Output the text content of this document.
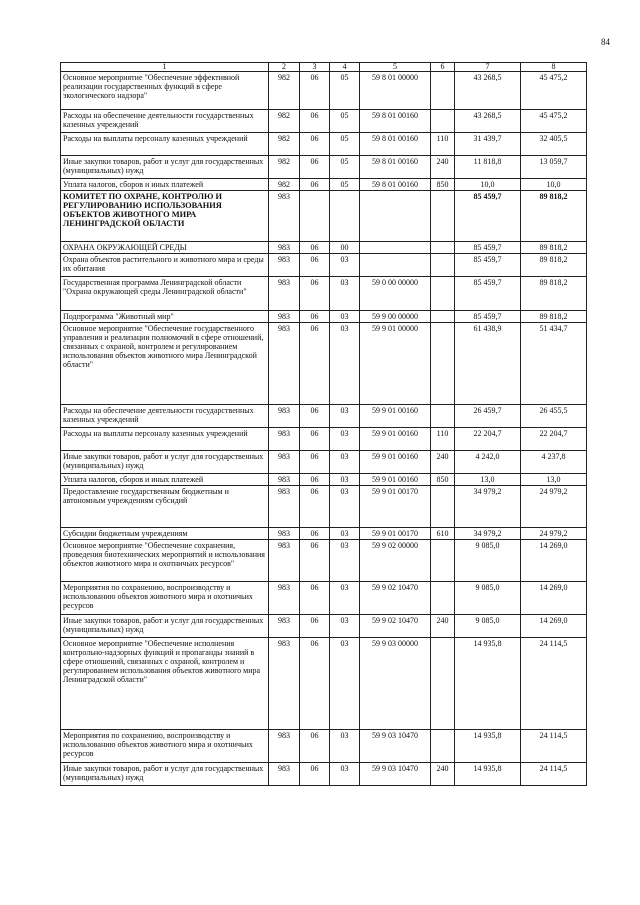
84
1	2	3	4	5	6	7	8
Основное мероприятие "Обеспечение эффективной реализации государственных функций в сфере экологического надзора"	982	06	05	59 8 01 00000		43 268,5	45 475,2
Расходы на обеспечение деятельности государственных казенных учреждений	982	06	05	59 8 01 00160		43 268,5	45 475,2
Расходы на выплаты персоналу казенных учреждений	982	06	05	59 8 01 00160	110	31 439,7	32 405,5
Иные закупки товаров, работ и услуг для государственных (муниципальных) нужд	982	06	05	59 8 01 00160	240	11 818,8	13 059,7
Уплата налогов, сборов и иных платежей	982	06	05	59 8 01 00160	850	10,0	10,0
КОМИТЕТ ПО ОХРАНЕ, КОНТРОЛЮ И РЕГУЛИРОВАНИЮ ИСПОЛЬЗОВАНИЯ ОБЪЕКТОВ ЖИВОТНОГО МИРА ЛЕНИНГРАДСКОЙ ОБЛАСТИ	983					85 459,7	89 818,2
ОХРАНА ОКРУЖАЮЩЕЙ СРЕДЫ	983	06	00			85 459,7	89 818,2
Охрана объектов растительного и животного мира и среды их обитания	983	06	03			85 459,7	89 818,2
Государственная программа Ленинградской области "Охрана окружающей среды Ленинградской области"	983	06	03	59 0 00 00000		85 459,7	89 818,2
Подпрограмма "Животный мир"	983	06	03	59 9 00 00000		85 459,7	89 818,2
Основное мероприятие "Обеспечение государственного управления и реализации полномочий в сфере отношений, связанных с охраной, контролем и регулированием использования объектов животного мира Ленинградской области"	983	06	03	59 9 01 00000		61 438,9	51 434,7
Расходы на обеспечение деятельности государственных казенных учреждений	983	06	03	59 9 01 00160		26 459,7	26 455,5
Расходы на выплаты персоналу казенных учреждений	983	06	03	59 9 01 00160	110	22 204,7	22 204,7
Иные закупки товаров, работ и услуг для государственных (муниципальных) нужд	983	06	03	59 9 01 00160	240	4 242,0	4 237,8
Уплата налогов, сборов и иных платежей	983	06	03	59 9 01 00160	850	13,0	13,0
Предоставление государственным бюджетным и автономным учреждениям субсидий	983	06	03	59 9 01 00170		34 979,2	24 979,2
Субсидии бюджетным учреждениям	983	06	03	59 9 01 00170	610	34 979,2	24 979,2
Основное мероприятие "Обеспечение сохранения, проведения биотехнических мероприятий и использования объектов животного мира и охотничьих ресурсов"	983	06	03	59 9 02 00000		9 085,0	14 269,0
Мероприятия по сохранению, воспроизводству и использованию объектов животного мира и охотничьих ресурсов	983	06	03	59 9 02 10470		9 085,0	14 269,0
Иные закупки товаров, работ и услуг для государственных (муниципальных) нужд	983	06	03	59 9 02 10470	240	9 085,0	14 269,0
Основное мероприятие "Обеспечение исполнения контрольно-надзорных функций и пропаганды знаний в сфере отношений, связанных с охраной, контролем и регулированием использования объектов животного мира Ленинградской области"	983	06	03	59 9 03 00000		14 935,8	24 114,5
Мероприятия по сохранению, воспроизводству и использованию объектов животного мира и охотничьих ресурсов	983	06	03	59 9 03 10470		14 935,8	24 114,5
Иные закупки товаров, работ и услуг для государственных (муниципальных) нужд	983	06	03	59 9 03 10470	240	14 935,8	24 114,5
